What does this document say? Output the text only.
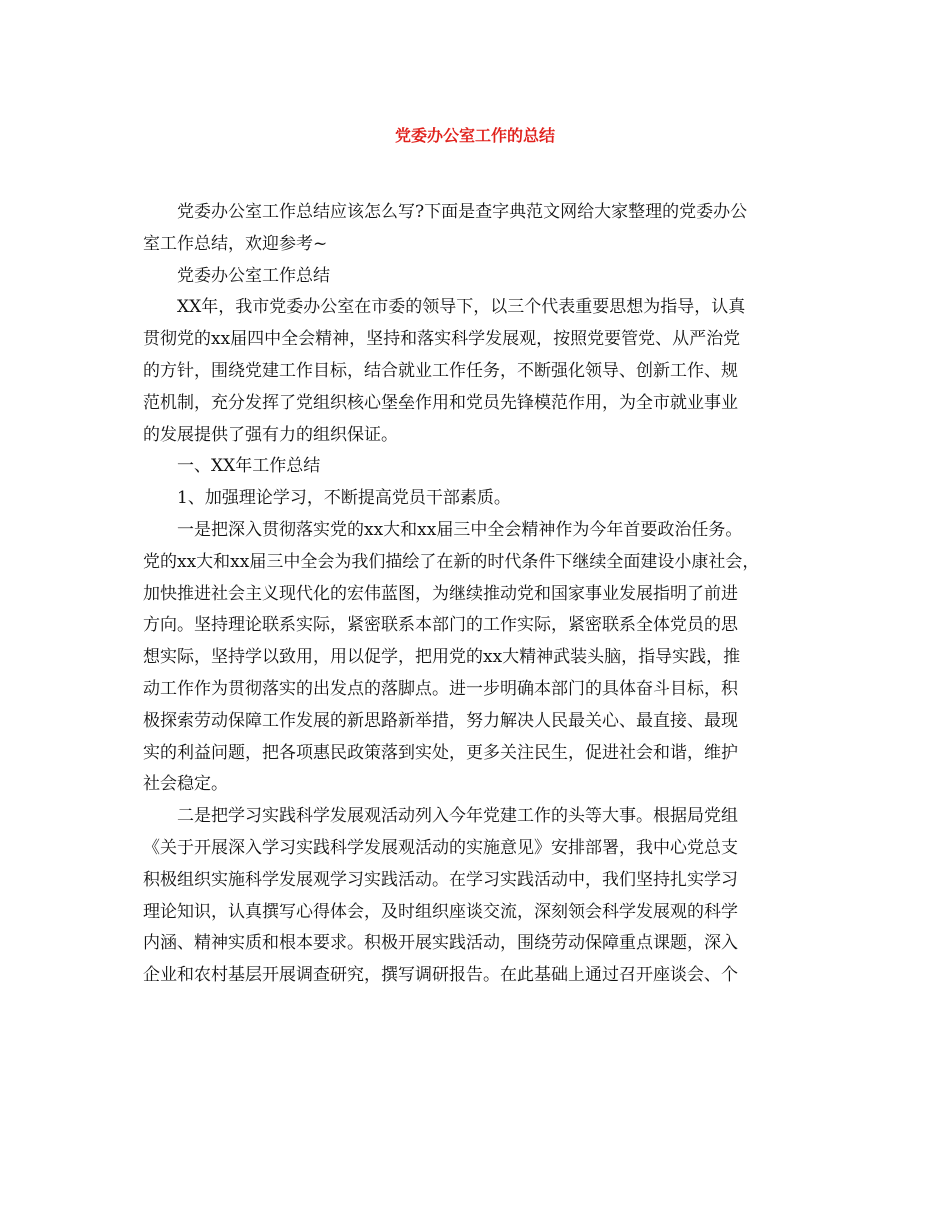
党委办公室工作的总结

党委办公室工作总结应该怎么写?下面是查字典范文网给大家整理的党委办公

室工作总结，欢迎参考~

党委办公室工作总结

XX年，我市党委办公室在市委的领导下，以三个代表重要思想为指导，认真

贯彻党的xx届四中全会精神，坚持和落实科学发展观，按照党要管党、从严治党

的方针，围绕党建工作目标，结合就业工作任务，不断强化领导、创新工作、规

范机制，充分发挥了党组织核心堡垒作用和党员先锋模范作用，为全市就业事业

的发展提供了强有力的组织保证。

一、XX年工作总结

1、加强理论学习，不断提高党员干部素质。

一是把深入贯彻落实党的xx大和xx届三中全会精神作为今年首要政治任务。

党的xx大和xx届三中全会为我们描绘了在新的时代条件下继续全面建设小康社会，

加快推进社会主义现代化的宏伟蓝图，为继续推动党和国家事业发展指明了前进

方向。坚持理论联系实际，紧密联系本部门的工作实际，紧密联系全体党员的思

想实际，坚持学以致用，用以促学，把用党的xx大精神武装头脑，指导实践，推

动工作作为贯彻落实的出发点的落脚点。进一步明确本部门的具体奋斗目标，积

极探索劳动保障工作发展的新思路新举措，努力解决人民最关心、最直接、最现

实的利益问题，把各项惠民政策落到实处，更多关注民生，促进社会和谐，维护

社会稳定。

二是把学习实践科学发展观活动列入今年党建工作的头等大事。根据局党组

《关于开展深入学习实践科学发展观活动的实施意见》安排部署，我中心党总支

积极组织实施科学发展观学习实践活动。在学习实践活动中，我们坚持扎实学习

理论知识，认真撰写心得体会，及时组织座谈交流，深刻领会科学发展观的科学

内涵、精神实质和根本要求。积极开展实践活动，围绕劳动保障重点课题，深入

企业和农村基层开展调查研究，撰写调研报告。在此基础上通过召开座谈会、个
